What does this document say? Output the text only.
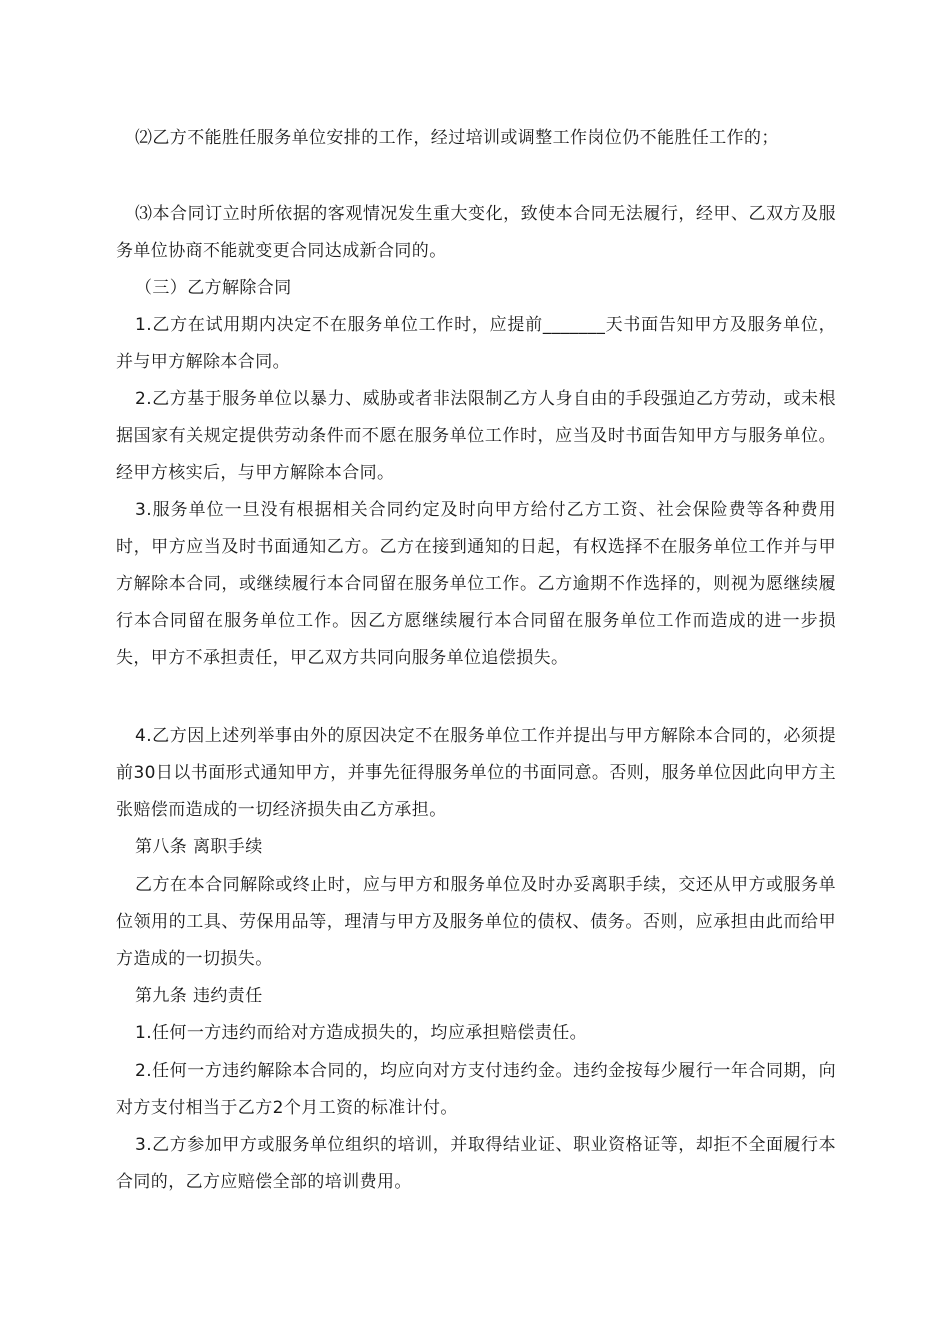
⑵乙方不能胜任服务单位安排的工作，经过培训或调整工作岗位仍不能胜任工作的；

⑶本合同订立时所依据的客观情况发生重大变化，致使本合同无法履行，经甲、乙双方及服务单位协商不能就变更合同达成新合同的。

（三）乙方解除合同

1.乙方在试用期内决定不在服务单位工作时，应提前_______天书面告知甲方及服务单位，并与甲方解除本合同。

2.乙方基于服务单位以暴力、威胁或者非法限制乙方人身自由的手段强迫乙方劳动，或未根据国家有关规定提供劳动条件而不愿在服务单位工作时，应当及时书面告知甲方与服务单位。经甲方核实后，与甲方解除本合同。

3.服务单位一旦没有根据相关合同约定及时向甲方给付乙方工资、社会保险费等各种费用时，甲方应当及时书面通知乙方。乙方在接到通知的日起，有权选择不在服务单位工作并与甲方解除本合同，或继续履行本合同留在服务单位工作。乙方逾期不作选择的，则视为愿继续履行本合同留在服务单位工作。因乙方愿继续履行本合同留在服务单位工作而造成的进一步损失，甲方不承担责任，甲乙双方共同向服务单位追偿损失。

4.乙方因上述列举事由外的原因决定不在服务单位工作并提出与甲方解除本合同的，必须提前30日以书面形式通知甲方，并事先征得服务单位的书面同意。否则，服务单位因此向甲方主张赔偿而造成的一切经济损失由乙方承担。

第八条 离职手续

乙方在本合同解除或终止时，应与甲方和服务单位及时办妥离职手续，交还从甲方或服务单位领用的工具、劳保用品等，理清与甲方及服务单位的债权、债务。否则，应承担由此而给甲方造成的一切损失。

第九条 违约责任

1.任何一方违约而给对方造成损失的，均应承担赔偿责任。

2.任何一方违约解除本合同的，均应向对方支付违约金。违约金按每少履行一年合同期，向对方支付相当于乙方2个月工资的标准计付。

3.乙方参加甲方或服务单位组织的培训，并取得结业证、职业资格证等，却拒不全面履行本合同的，乙方应赔偿全部的培训费用。
